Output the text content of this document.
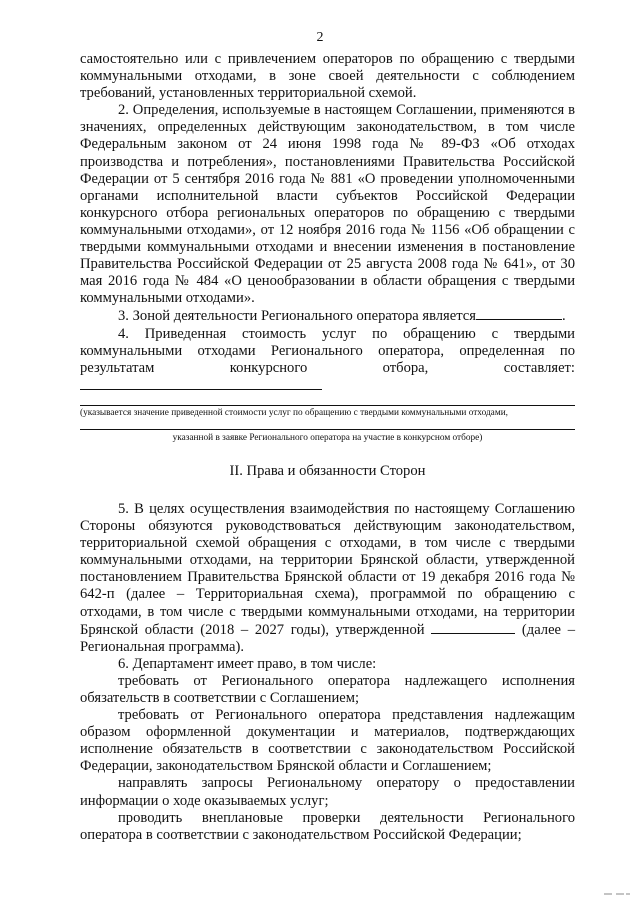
2

самостоятельно или с привлечением операторов по обращению с твердыми коммунальными отходами, в зоне своей деятельности с соблюдением требований, установленных территориальной схемой.

2. Определения, используемые в настоящем Соглашении, применяются в значениях, определенных действующим законодательством, в том числе Федеральным законом от 24 июня 1998 года № 89-ФЗ «Об отходах производства и потребления», постановлениями Правительства Российской Федерации от 5 сентября 2016 года № 881 «О проведении уполномоченными органами исполнительной власти субъектов Российской Федерации конкурсного отбора региональных операторов по обращению с твердыми коммунальными отходами», от 12 ноября 2016 года № 1156 «Об обращении с твердыми коммунальными отходами и внесении изменения в постановление Правительства Российской Федерации от 25 августа 2008 года № 641», от 30 мая 2016 года № 484 «О ценообразовании в области обращения с твердыми коммунальными отходами».

3. Зоной деятельности Регионального оператора является	.

4. Приведенная стоимость услуг по обращению с твердыми коммунальными отходами Регионального оператора, определенная по результатам конкурсного отбора, составляет:

(указывается значение приведенной стоимости услуг по обращению с твердыми коммунальными отходами,
указанной в заявке Регионального оператора на участие в конкурсном отборе)
II. Права и обязанности Сторон

5. В целях осуществления взаимодействия по настоящему Соглашению Стороны обязуются руководствоваться действующим законодательством, территориальной схемой обращения с отходами, в том числе с твердыми коммунальными отходами, на территории Брянской области, утвержденной постановлением Правительства Брянской области от 19 декабря 2016 года № 642-п (далее – Территориальная схема), программой по обращению с отходами, в том числе с твердыми коммунальными отходами, на территории Брянской области (2018 – 2027 годы), утвержденной	(далее – Региональная программа).

6. Департамент имеет право, в том числе:

требовать от Регионального оператора надлежащего исполнения обязательств в соответствии с Соглашением;

требовать от Регионального оператора представления надлежащим образом оформленной документации и материалов, подтверждающих исполнение обязательств в соответствии с законодательством Российской Федерации, законодательством Брянской области и Соглашением;

направлять запросы Региональному оператору о предоставлении информации о ходе оказываемых услуг;

проводить внеплановые проверки деятельности Регионального оператора в соответствии с законодательством Российской Федерации;
